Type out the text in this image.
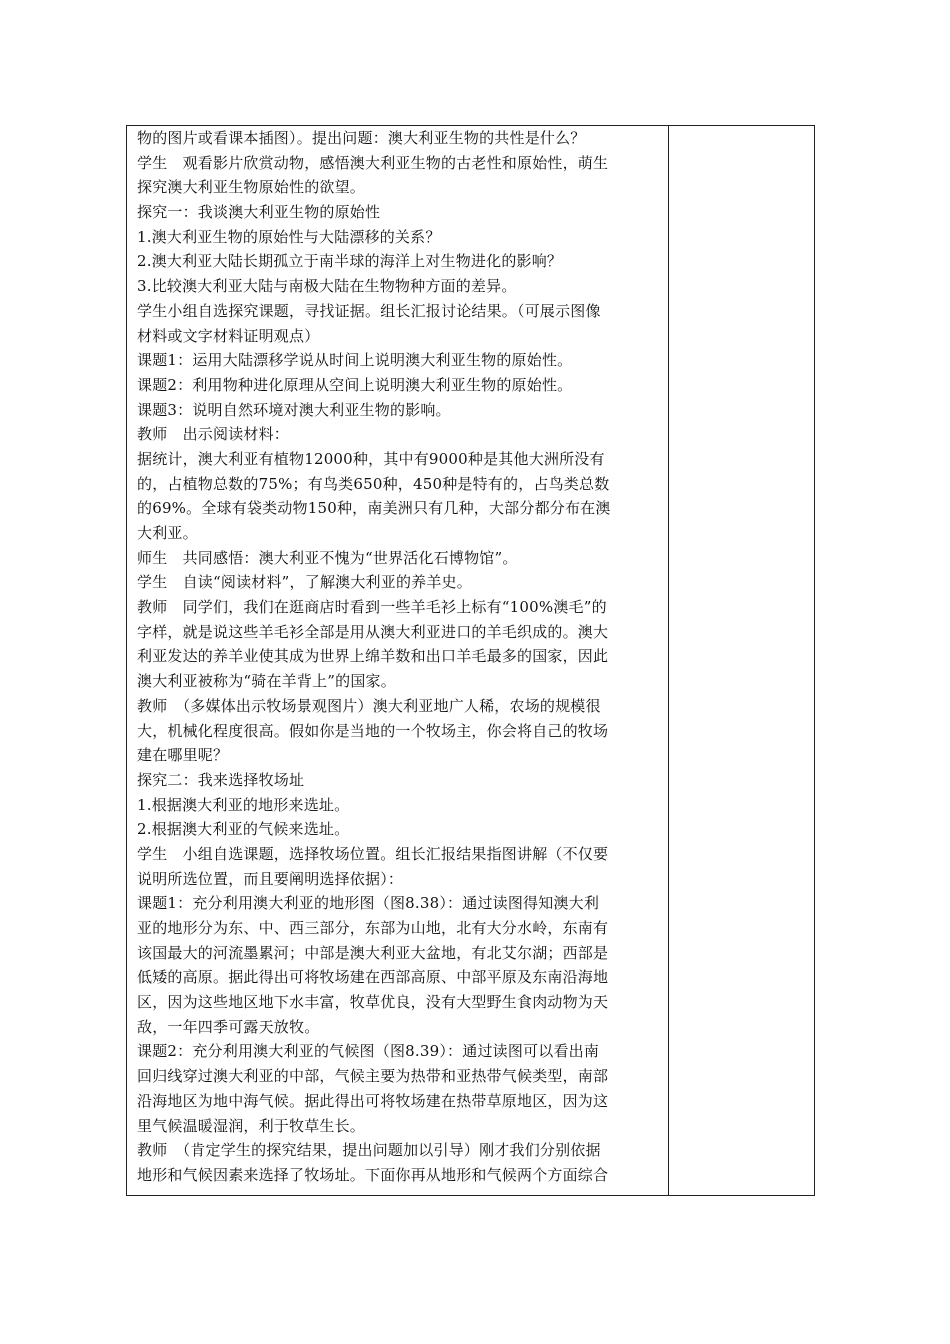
物的图片或看课本插图）。提出问题：澳大利亚生物的共性是什么？
学生　观看影片欣赏动物，感悟澳大利亚生物的古老性和原始性，萌生
探究澳大利亚生物原始性的欲望。
探究一：我谈澳大利亚生物的原始性
1.澳大利亚生物的原始性与大陆漂移的关系？
2.澳大利亚大陆长期孤立于南半球的海洋上对生物进化的影响？
3.比较澳大利亚大陆与南极大陆在生物物种方面的差异。
学生小组自选探究课题，寻找证据。组长汇报讨论结果。（可展示图像
材料或文字材料证明观点）
课题1：运用大陆漂移学说从时间上说明澳大利亚生物的原始性。
课题2：利用物种进化原理从空间上说明澳大利亚生物的原始性。
课题3：说明自然环境对澳大利亚生物的影响。
教师　出示阅读材料：
据统计，澳大利亚有植物12000种，其中有9000种是其他大洲所没有
的，占植物总数的75%；有鸟类650种，450种是特有的，占鸟类总数
的69%。全球有袋类动物150种，南美洲只有几种，大部分都分布在澳
大利亚。
师生　共同感悟：澳大利亚不愧为“世界活化石博物馆”。
学生　自读“阅读材料”，了解澳大利亚的养羊史。
教师　同学们，我们在逛商店时看到一些羊毛衫上标有“100%澳毛”的
字样，就是说这些羊毛衫全部是用从澳大利亚进口的羊毛织成的。澳大
利亚发达的养羊业使其成为世界上绵羊数和出口羊毛最多的国家，因此
澳大利亚被称为“骑在羊背上”的国家。
教师　（多媒体出示牧场景观图片）澳大利亚地广人稀，农场的规模很
大，机械化程度很高。假如你是当地的一个牧场主，你会将自己的牧场
建在哪里呢？
探究二：我来选择牧场址
1.根据澳大利亚的地形来选址。
2.根据澳大利亚的气候来选址。
学生　小组自选课题，选择牧场位置。组长汇报结果指图讲解（不仅要
说明所选位置，而且要阐明选择依据）：
课题1：充分利用澳大利亚的地形图（图8.38）：通过读图得知澳大利
亚的地形分为东、中、西三部分，东部为山地，北有大分水岭，东南有
该国最大的河流墨累河；中部是澳大利亚大盆地，有北艾尔湖；西部是
低矮的高原。据此得出可将牧场建在西部高原、中部平原及东南沿海地
区，因为这些地区地下水丰富，牧草优良，没有大型野生食肉动物为天
敌，一年四季可露天放牧。
课题2：充分利用澳大利亚的气候图（图8.39）：通过读图可以看出南
回归线穿过澳大利亚的中部，气候主要为热带和亚热带气候类型，南部
沿海地区为地中海气候。据此得出可将牧场建在热带草原地区，因为这
里气候温暖湿润，利于牧草生长。
教师　（肯定学生的探究结果，提出问题加以引导）刚才我们分别依据
地形和气候因素来选择了牧场址。下面你再从地形和气候两个方面综合
